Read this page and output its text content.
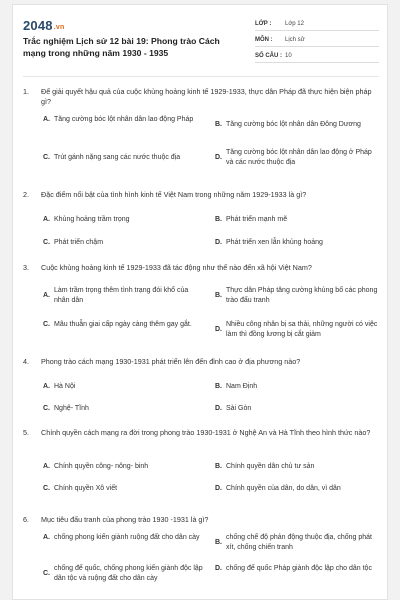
2048.vn
Trắc nghiệm Lịch sử 12 bài 19: Phong trào Cách mạng trong những năm 1930 - 1935
LỚP :	Lớp 12
MÔN :	Lịch sử
SỐ CÂU : 10
1.	Để giải quyết hậu quả của cuộc khủng hoảng kinh tế 1929-1933, thực dân Pháp đã thực hiện biện pháp gì?
A. Tăng cường bóc lột nhân dân lao động Pháp
B. Tăng cường bóc lột nhân dân Đông Dương
C. Trút gánh nặng sang các nước thuộc địa	D.
Tăng cường bóc lột nhân dân lao động ở Pháp và các nước thuộc địa
2.	Đặc điểm nổi bật của tình hình kinh tế Việt Nam trong những năm 1929-1933 là gì?
A. Khủng hoảng trầm trọng	B. Phát triển mạnh mẽ
C. Phát triển chậm	D. Phát triển xen lẫn khủng hoảng
3.	Cuộc khủng hoảng kinh tế 1929-1933 đã tác động như thế nào đến xã hội Việt Nam?
A.
Làm trầm trọng thêm tình trạng đói khổ của nhân dân
B.
Thực dân Pháp tăng cường khủng bố các phong trào đấu tranh
C. Mâu thuẫn giai cấp ngày càng thêm gay gắt.
D.
Nhiều công nhân bị sa thải, những người có việc làm thì đồng lương bị cắt giảm
4.	Phong trào cách mạng 1930-1931 phát triển lên đến đỉnh cao ở địa phương nào?
A. Hà Nội	B. Nam Định
C. Nghệ- Tĩnh	D. Sài Gòn
5.	Chính quyền cách mạng ra đời trong phong trào 1930-1931 ở Nghệ An và Hà Tĩnh theo hình thức nào?
A. Chính quyền công- nông- binh	B. Chính quyền dân chủ tư sản
C. Chính quyền Xô viết	D. Chính quyền của dân, do dân, vì dân
6.	Mục tiêu đấu tranh của phong trào 1930 -1931 là gì?
A. chống phong kiến giành ruộng đất cho dân cày
B.
chống chế độ phản động thuộc địa, chống phát xít, chống chiến tranh
C.
chống đế quốc, chống phong kiến giành độc lập dân tộc và ruộng đất cho dân cày
D. chống đế quốc Pháp giành độc lập cho dân tộc
